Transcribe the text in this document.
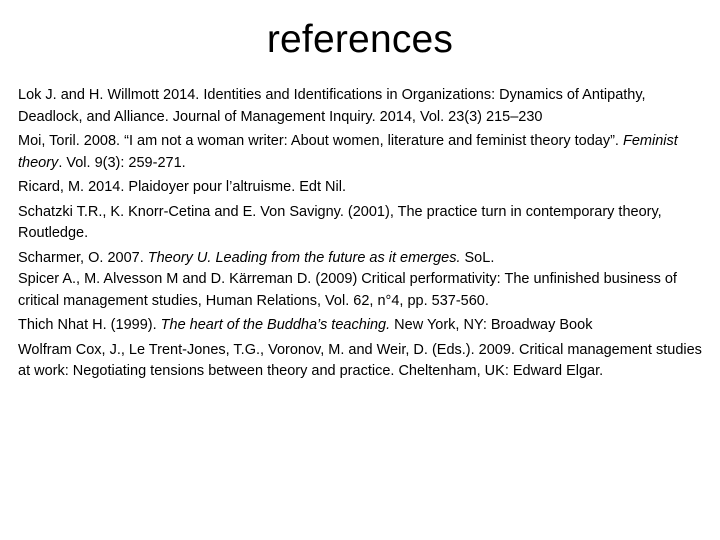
references
Lok J. and H. Willmott 2014. Identities and Identifications in Organizations: Dynamics of Antipathy, Deadlock, and Alliance. Journal of Management Inquiry. 2014, Vol. 23(3) 215–230
Moi, Toril. 2008. “I am not a woman writer: About women, literature and feminist theory today”. Feminist theory. Vol. 9(3): 259-271.
Ricard, M. 2014. Plaidoyer pour l’altruisme. Edt Nil.
Schatzki T.R., K. Knorr-Cetina and E. Von Savigny. (2001), The practice turn in contemporary theory, Routledge.
Scharmer, O. 2007. Theory U. Leading from the future as it emerges. SoL.
Spicer A., M. Alvesson M and D. Kärreman D. (2009) Critical performativity: The unfinished business of critical management studies, Human Relations, Vol. 62, n°4, pp. 537-560.
Thich Nhat H. (1999). The heart of the Buddha’s teaching. New York, NY: Broadway Book
Wolfram Cox, J., Le Trent-Jones, T.G., Voronov, M. and Weir, D. (Eds.). 2009. Critical management studies at work: Negotiating tensions between theory and practice. Cheltenham, UK: Edward Elgar.
